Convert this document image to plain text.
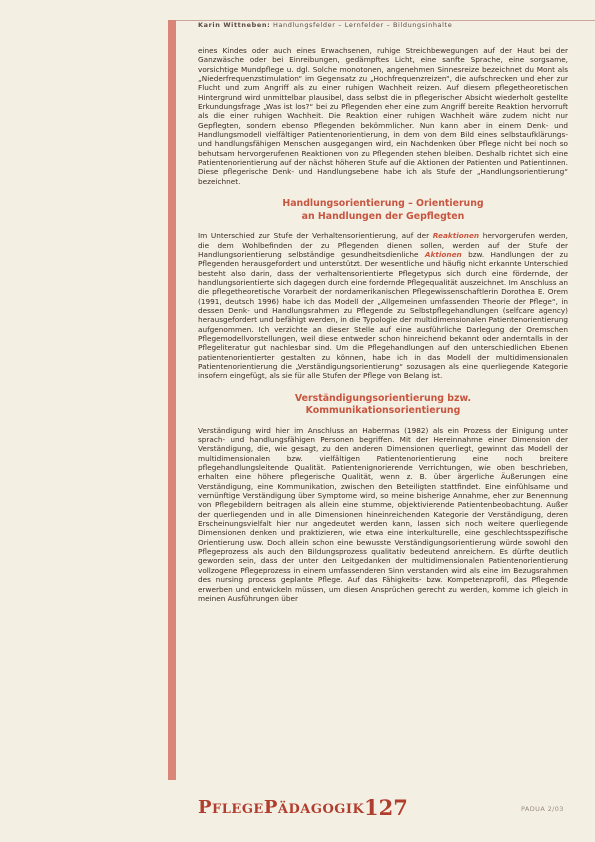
Karin Wittneben: Handlungsfelder – Lernfelder – Bildungsinhalte

eines Kindes oder auch eines Erwachsenen, ruhige Streichbewegungen auf der Haut bei der Ganzwäsche oder bei Einreibungen, gedämpftes Licht, eine sanfte Sprache, eine sorgsame, vorsichtige Mundpflege u. dgl. Solche monotonen, angenehmen Sinnesreize bezeichnet du Mont als „Niederfrequenzstimulation“ im Gegensatz zu „Hochfrequenzreizen“, die aufschrecken und eher zur Flucht und zum Angriff als zu einer ruhigen Wachheit reizen. Auf diesem pflegetheoretischen Hintergrund wird unmittelbar plausibel, dass selbst die in pflegerischer Absicht wiederholt gestellte Erkundungsfrage „Was ist los?“ bei zu Pflegenden eher eine zum Angriff bereite Reaktion hervorruft als die einer ruhigen Wachheit. Die Reaktion einer ruhigen Wachheit wäre zudem nicht nur Gepflegten, sondern ebenso Pflegenden bekömmlicher. Nun kann aber in einem Denk- und Handlungsmodell vielfältiger Patientenorientierung, in dem von dem Bild eines selbstaufklärungs- und handlungsfähigen Menschen ausgegangen wird, ein Nachdenken über Pflege nicht bei noch so behutsam hervorgerufenen Reaktionen von zu Pflegenden stehen bleiben. Deshalb richtet sich eine Patientenorientierung auf der nächst höheren Stufe auf die Aktionen der Patienten und Patientinnen. Diese pflegerische Denk- und Handlungsebene habe ich als Stufe der „Handlungsorientierung“ bezeichnet.

Handlungsorientierung – Orientierung
an Handlungen der Gepflegten

Im Unterschied zur Stufe der Verhaltensorientierung, auf der Reaktionen hervorgerufen werden, die dem Wohlbefinden der zu Pflegenden dienen sollen, werden auf der Stufe der Handlungsorientierung selbständige gesundheitsdienliche Aktionen bzw. Handlungen der zu Pflegenden herausgefordert und unterstützt. Der wesentliche und häufig nicht erkannte Unterschied besteht also darin, dass der verhaltensorientierte Pflegetypus sich durch eine fördernde, der handlungsorientierte sich dagegen durch eine fordernde Pflegequalität auszeichnet. Im Anschluss an die pflegetheoretische Vorarbeit der nordamerikanischen Pflegewissenschaftlerin Dorothea E. Orem (1991, deutsch 1996) habe ich das Modell der „Allgemeinen umfassenden Theorie der Pflege“, in dessen Denk- und Handlungsrahmen zu Pflegende zu Selbstpflegehandlungen (selfcare agency) herausgefordert und befähigt werden, in die Typologie der multidimensionalen Patientenorientierung aufgenommen. Ich verzichte an dieser Stelle auf eine ausführliche Darlegung der Oremschen Pflegemodellvorstellungen, weil diese entweder schon hinreichend bekannt oder anderntalls in der Pflegeliteratur gut nachlesbar sind. Um die Pflegehandlungen auf den unterschiedlichen Ebenen patientenorientierter gestalten zu können, habe ich in das Modell der multidimensionalen Patientenorientierung die „Verständigungsorientierung“ sozusagen als eine querliegende Kategorie insofern eingefügt, als sie für alle Stufen der Pflege von Belang ist.

Verständigungsorientierung bzw.
Kommunikationsorientierung

Verständigung wird hier im Anschluss an Habermas (1982) als ein Prozess der Einigung unter sprach- und handlungsfähigen Personen begriffen. Mit der Hereinnahme einer Dimension der Verständigung, die, wie gesagt, zu den anderen Dimensionen querliegt, gewinnt das Modell der multidimensionalen bzw. vielfältigen Patientenorientierung eine noch breitere pflegehandlungsleitende Qualität. Patientenignorierende Verrichtungen, wie oben beschrieben, erhalten eine höhere pflegerische Qualität, wenn z. B. über ärgerliche Äußerungen eine Verständigung, eine Kommunikation, zwischen den Beteiligten stattfindet. Eine einfühlsame und vernünftige Verständigung über Symptome wird, so meine bisherige Annahme, eher zur Benennung von Pflegebildern beitragen als allein eine stumme, objektivierende Patientenbeobachtung. Außer der querliegenden und in alle Dimensionen hineinreichenden Kategorie der Verständigung, deren Erscheinungsvielfalt hier nur angedeutet werden kann, lassen sich noch weitere querliegende Dimensionen denken und praktizieren, wie etwa eine interkulturelle, eine geschlechtsspezifische Orientierung usw. Doch allein schon eine bewusste Verständigungsorientierung würde sowohl den Pflegeprozess als auch den Bildungsprozess qualitativ bedeutend anreichern. Es dürfte deutlich geworden sein, dass der unter den Leitgedanken der multidimensionalen Patientenorientierung vollzogene Pflegeprozess in einem umfassenderen Sinn verstanden wird als eine im Bezugsrahmen des nursing process geplante Pflege. Auf das Fähigkeits- bzw. Kompetenzprofil, das Pflegende erwerben und entwickeln müssen, um diesen Ansprüchen gerecht zu werden, komme ich gleich in meinen Ausführungen über

PFLEGEPÄDAGOGIK 127	PADUA 2/03
